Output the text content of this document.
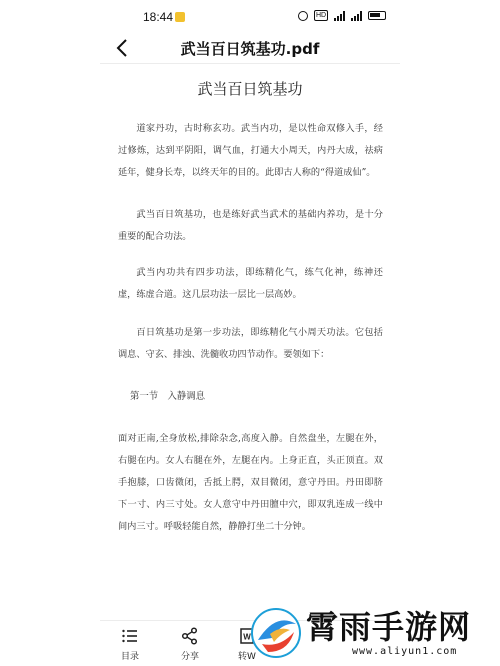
18:44	HD
武当百日筑基功.pdf
武当百日筑基功

道家丹功，古时称玄功。武当内功，是以性命双修入手，经过修炼，达到平阴阳，调气血，打通大小周天，内丹大成，祛病延年，健身长寿，以终天年的目的。此即古人称的“得道成仙”。

武当百日筑基功，也是练好武当武术的基础内养功，是十分重要的配合功法。

武当内功共有四步功法，即练精化气，练气化神，练神还虚，练虚合道。这几层功法一层比一层高妙。

百日筑基功是第一步功法，即练精化气小周天功法。它包括调息、守玄、排浊、洗髓收功四节动作。要领如下：

第一节　入静调息

面对正南,全身放松,排除杂念,高度入静。自然盘坐，左腿在外，右腿在内。女人右腿在外，左腿在内。上身正直，头正顶直。双手抱膝，口齿微闭，舌抵上腭，双目微闭，意守丹田。丹田即脐下一寸、内三寸处。女人意守中丹田膻中穴，即双乳连成一线中间内三寸。呼吸轻能自然，静静打坐二十分钟。

目录	分享
W
转W
霄雨手游网
www.aliyun1.com
